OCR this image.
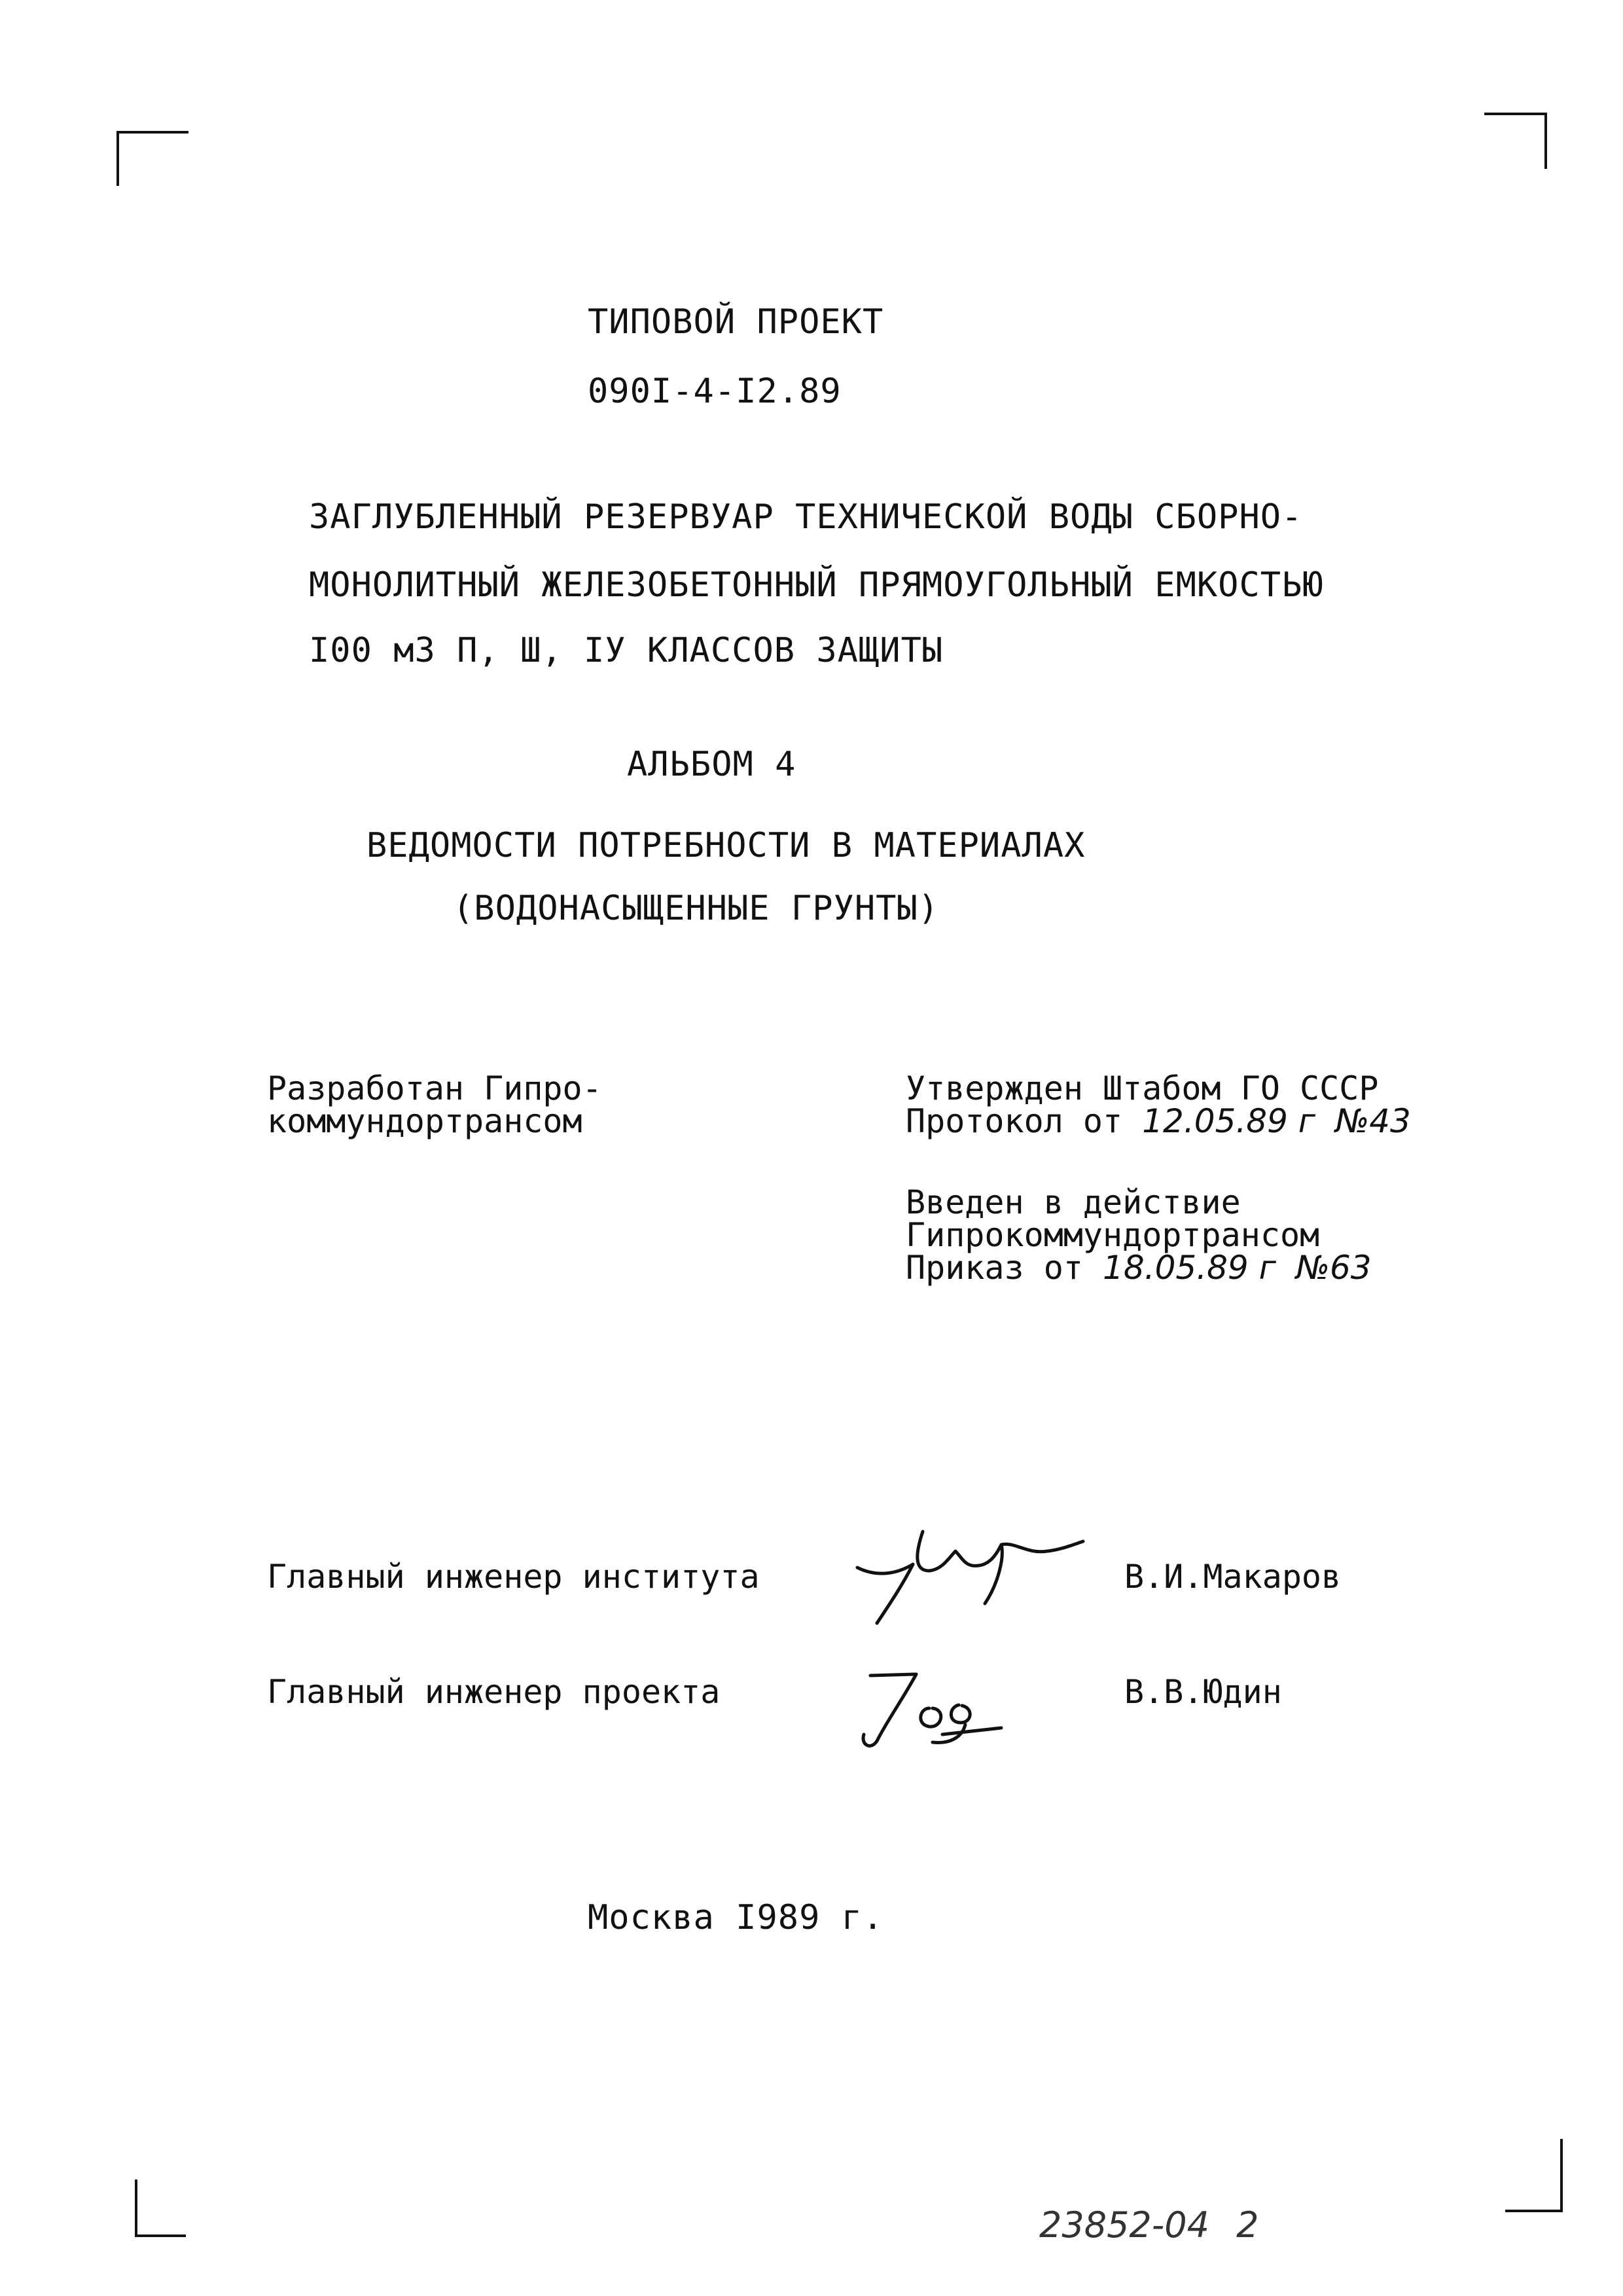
ТИПОВОЙ ПРОЕКТ
090I-4-I2.89
ЗАГЛУБЛЕННЫЙ РЕЗЕРВУАР ТЕХНИЧЕСКОЙ ВОДЫ СБОРНО-
МОНОЛИТНЫЙ ЖЕЛЕЗОБЕТОННЫЙ ПРЯМОУГОЛЬНЫЙ ЕМКОСТЬЮ
I00 м3 П, Ш, IУ КЛАССОВ ЗАЩИТЫ
АЛЬБОМ 4
ВЕДОМОСТИ ПОТРЕБНОСТИ В МАТЕРИАЛАХ
(ВОДОНАСЫЩЕННЫЕ ГРУНТЫ)
Разработан Гипро-
коммундортрансом
Утвержден Штабом ГО СССР
Протокол от 12.05.89 г №43
Введен в действие
Гипрокоммундортрансом
Приказ от 18.05.89 г №63
Главный инженер института	В.И.Макаров
Главный инженер проекта	В.В.Юдин
Москва I989 г.
23852-04 2
